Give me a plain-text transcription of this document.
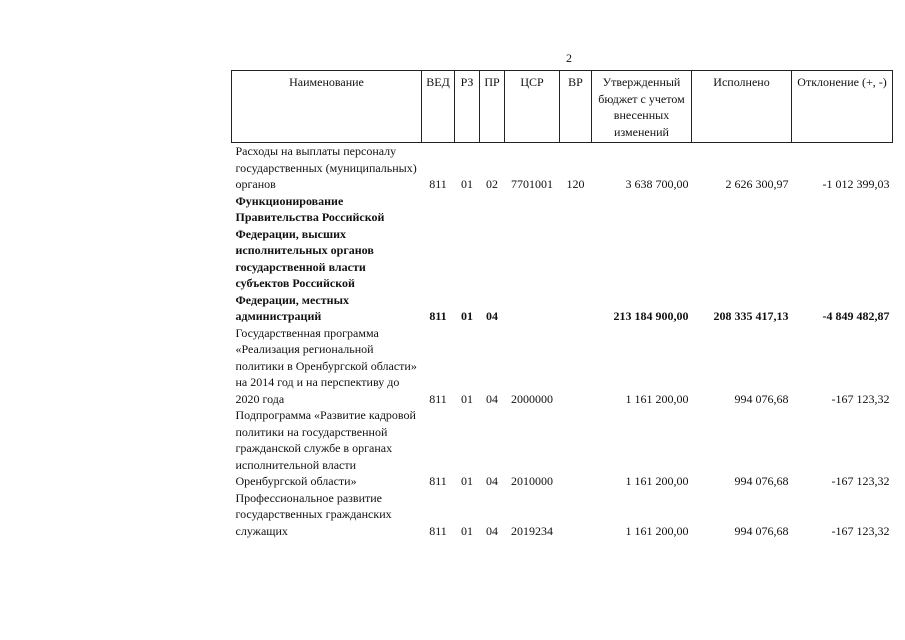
2
Наименование	ВЕД	РЗ	ПР	ЦСР	ВР	Утвержденный бюджет с учетом внесенных изменений	Исполнено	Отклонение (+, -)
Расходы на выплаты персоналу государственных (муниципальных) органов	811	01	02	7701001	120	3 638 700,00	2 626 300,97	-1 012 399,03
Функционирование Правительства Российской Федерации, высших исполнительных органов государственной власти субъектов Российской Федерации, местных администраций	811	01	04			213 184 900,00	208 335 417,13	-4 849 482,87
Государственная программа «Реализация региональной политики в Оренбургской области» на 2014 год и на перспективу до 2020 года	811	01	04	2000000		1 161 200,00	994 076,68	-167 123,32
Подпрограмма «Развитие кадровой политики на государственной гражданской службе в органах исполнительной власти Оренбургской области»	811	01	04	2010000		1 161 200,00	994 076,68	-167 123,32
Профессиональное развитие государственных гражданских служащих	811	01	04	2019234		1 161 200,00	994 076,68	-167 123,32
